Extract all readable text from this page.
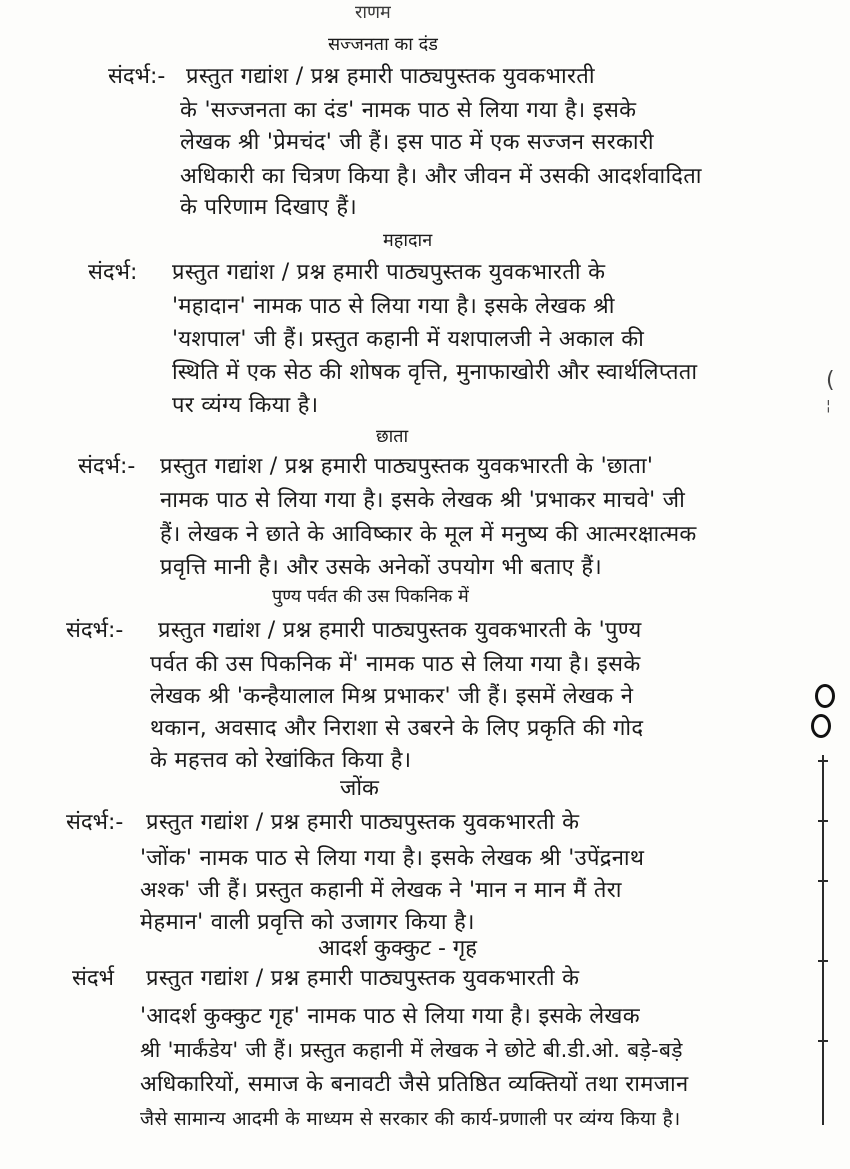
राणम
सज्जनता का दंड
संदर्भ:- प्रस्तुत गद्यांश / प्रश्न हमारी पाठ्यपुस्तक युवकभारती
के 'सज्जनता का दंड' नामक पाठ से लिया गया है। इसके
लेखक श्री 'प्रेमचंद' जी हैं। इस पाठ में एक सज्जन सरकारी
अधिकारी का चित्रण किया है। और जीवन में उसकी आदर्शवादिता
के परिणाम दिखाए हैं।
महादान
संदर्भ: प्रस्तुत गद्यांश / प्रश्न हमारी पाठ्यपुस्तक युवकभारती के
'महादान' नामक पाठ से लिया गया है। इसके लेखक श्री
'यशपाल' जी हैं। प्रस्तुत कहानी में यशपालजी ने अकाल की
स्थिति में एक सेठ की शोषक वृत्ति, मुनाफाखोरी और स्वार्थलिप्तता
पर व्यंग्य किया है।
छाता
संदर्भ:- प्रस्तुत गद्यांश / प्रश्न हमारी पाठ्यपुस्तक युवकभारती के 'छाता'
नामक पाठ से लिया गया है। इसके लेखक श्री 'प्रभाकर माचवे' जी
हैं। लेखक ने छाते के आविष्कार के मूल में मनुष्य की आत्मरक्षात्मक
प्रवृत्ति मानी है। और उसके अनेकों उपयोग भी बताए हैं।
पुण्य पर्वत की उस पिकनिक में
संदर्भ:- प्रस्तुत गद्यांश / प्रश्न हमारी पाठ्यपुस्तक युवकभारती के 'पुण्य
पर्वत की उस पिकनिक में' नामक पाठ से लिया गया है। इसके
लेखक श्री 'कन्हैयालाल मिश्र प्रभाकर' जी हैं। इसमें लेखक ने
थकान, अवसाद और निराशा से उबरने के लिए प्रकृति की गोद
के महत्तव को रेखांकित किया है।
जोंक
संदर्भ:- प्रस्तुत गद्यांश / प्रश्न हमारी पाठ्यपुस्तक युवकभारती के
'जोंक' नामक पाठ से लिया गया है। इसके लेखक श्री 'उपेंद्रनाथ
अश्क' जी हैं। प्रस्तुत कहानी में लेखक ने 'मान न मान मैं तेरा
मेहमान' वाली प्रवृत्ति को उजागर किया है।
आदर्श कुक्कुट - गृह
संदर्भ प्रस्तुत गद्यांश / प्रश्न हमारी पाठ्यपुस्तक युवकभारती के
'आदर्श कुक्कुट गृह' नामक पाठ से लिया गया है। इसके लेखक
श्री 'मार्कंडेय' जी हैं। प्रस्तुत कहानी में लेखक ने छोटे बी.डी.ओ. बड़े-बड़े
अधिकारियों, समाज के बनावटी जैसे प्रतिष्ठित व्यक्तियों तथा रामजान
जैसे सामान्य आदमी के माध्यम से सरकार की कार्य-प्रणाली पर व्यंग्य किया है।
(
¦
